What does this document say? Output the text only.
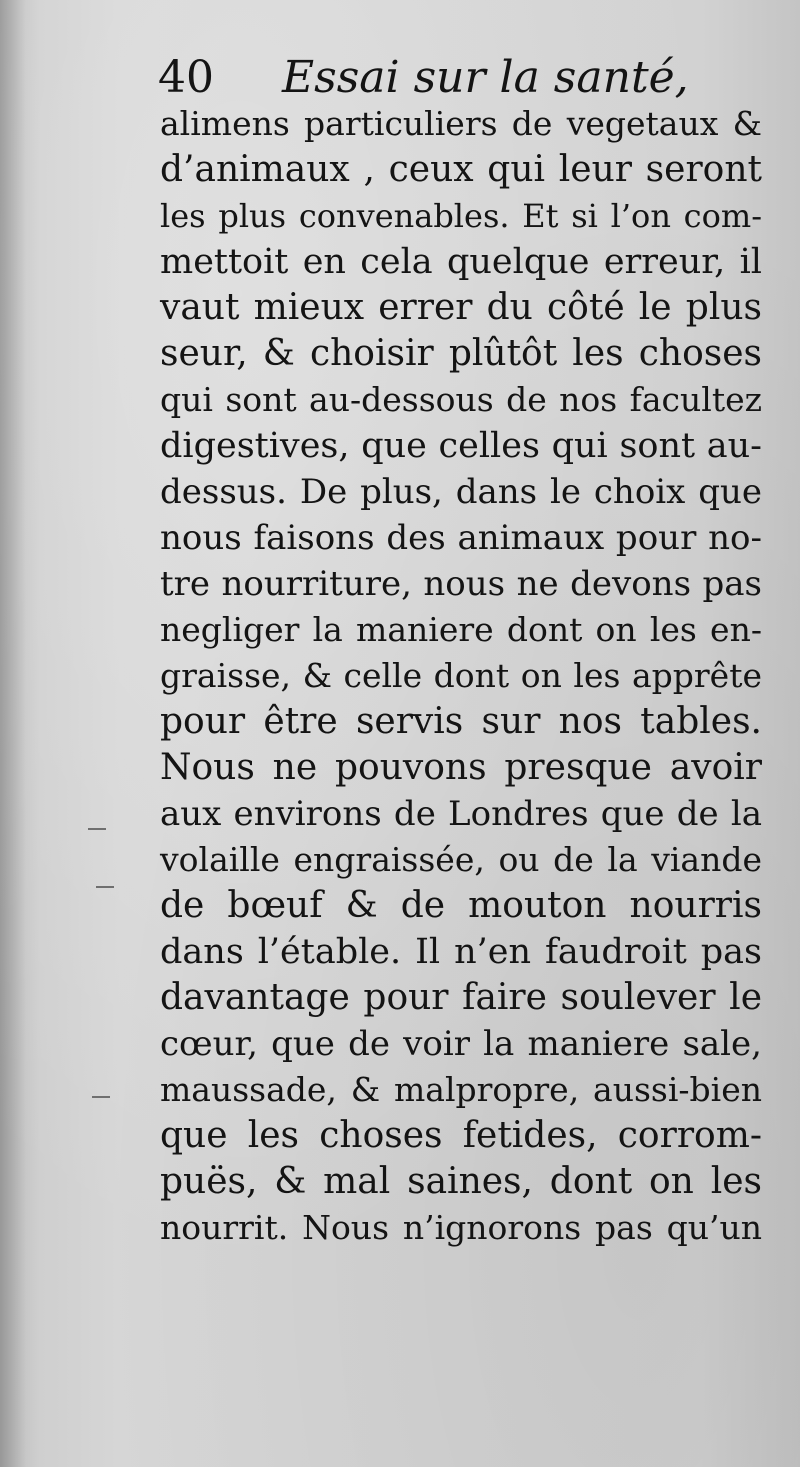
40 Essai sur la santé,
alimens particuliers de vegetaux &
d’animaux , ceux qui leur seront
les plus convenables. Et si l’on com-
mettoit en cela quelque erreur, il
vaut mieux errer du côté le plus
seur, & choisir plûtôt les choses
qui sont au-dessous de nos facultez
digestives, que celles qui sont au-
dessus. De plus, dans le choix que
nous faisons des animaux pour no-
tre nourriture, nous ne devons pas
negliger la maniere dont on les en-
graisse, & celle dont on les apprête
pour être servis sur nos tables.
Nous ne pouvons presque avoir
aux environs de Londres que de la
volaille engraissée, ou de la viande
de bœuf & de mouton nourris
dans l’étable. Il n’en faudroit pas
davantage pour faire soulever le
cœur, que de voir la maniere sale,
maussade, & malpropre, aussi-bien
que les choses fetides, corrom-
puës, & mal saines, dont on les
nourrit. Nous n’ignorons pas qu’un
